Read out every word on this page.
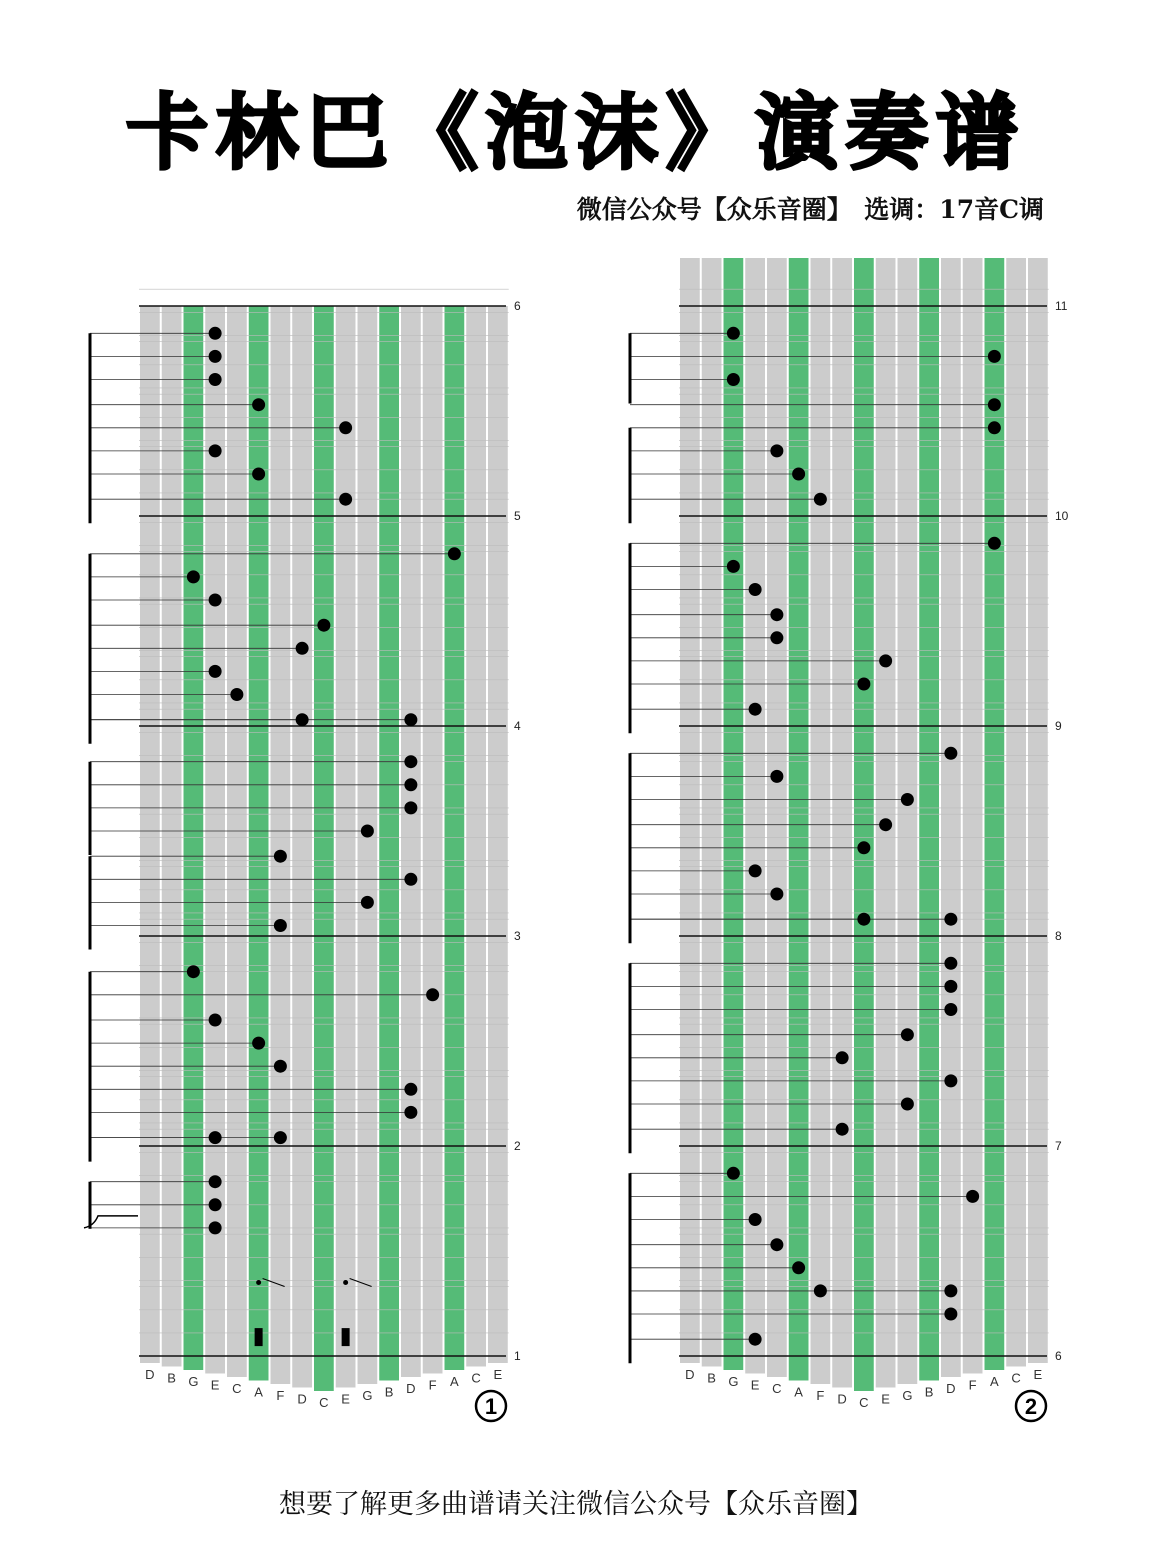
卡林巴《泡沫》演奏谱
微信公众号【众乐音圈】　选调：17音C调
D B G E C A F D C E G B D F A C E
1
2
3
4
5
6
1
D B G E C A F D C E G B D F A C E
6
7
8
9
10
11
2
想要了解更多曲谱请关注微信公众号【众乐音圈】
